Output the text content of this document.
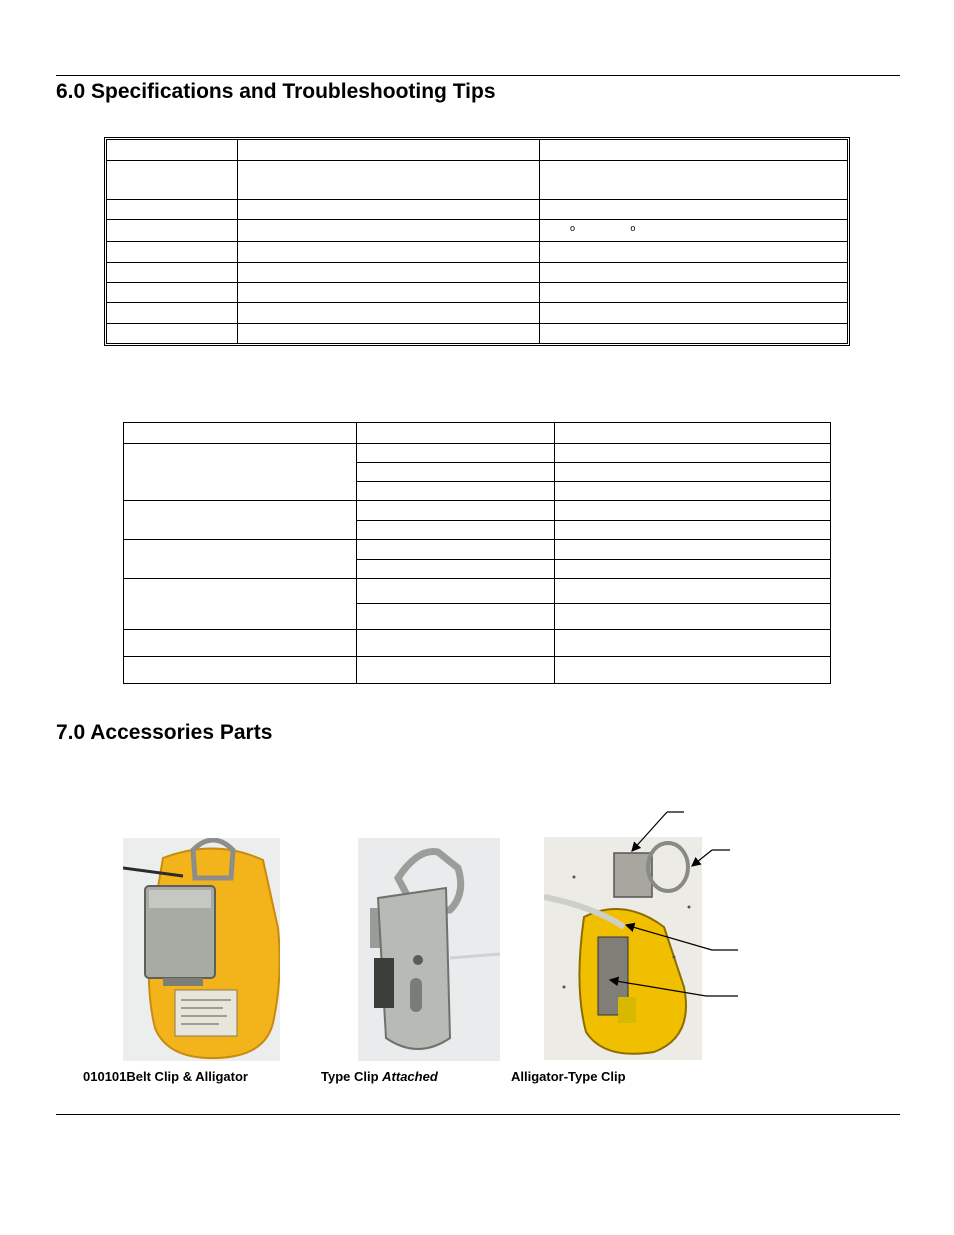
6.0 Specifications and Troubleshooting Tips

		$^o$ $^o$

7.0 Accessories Parts
010101Belt Clip & Alligator	Type Clip Attached	Alligator-Type Clip
